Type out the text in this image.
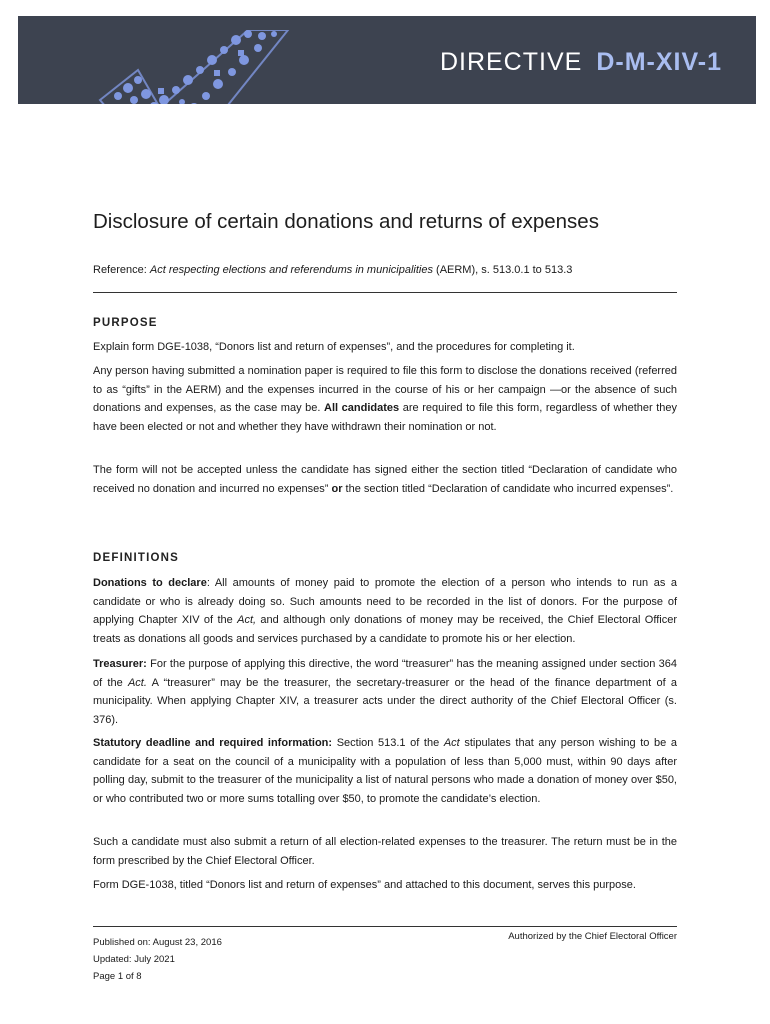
DIRECTIVE D-M-XIV-1
Disclosure of certain donations and returns of expenses
Reference: Act respecting elections and referendums in municipalities (AERM), s. 513.0.1 to 513.3
PURPOSE

Explain form DGE-1038, “Donors list and return of expenses”, and the procedures for completing it.

Any person having submitted a nomination paper is required to file this form to disclose the donations received (referred to as “gifts” in the AERM) and the expenses incurred in the course of his or her campaign —or the absence of such donations and expenses, as the case may be. All candidates are required to file this form, regardless of whether they have been elected or not and whether they have withdrawn their nomination or not.

The form will not be accepted unless the candidate has signed either the section titled “Declaration of candidate who received no donation and incurred no expenses” or the section titled “Declaration of candidate who incurred expenses”.

DEFINITIONS

Donations to declare: All amounts of money paid to promote the election of a person who intends to run as a candidate or who is already doing so. Such amounts need to be recorded in the list of donors. For the purpose of applying Chapter XIV of the Act, and although only donations of money may be received, the Chief Electoral Officer treats as donations all goods and services purchased by a candidate to promote his or her election.

Treasurer: For the purpose of applying this directive, the word “treasurer” has the meaning assigned under section 364 of the Act. A “treasurer” may be the treasurer, the secretary-treasurer or the head of the finance department of a municipality. When applying Chapter XIV, a treasurer acts under the direct authority of the Chief Electoral Officer (s. 376).

Statutory deadline and required information: Section 513.1 of the Act stipulates that any person wishing to be a candidate for a seat on the council of a municipality with a population of less than 5,000 must, within 90 days after polling day, submit to the treasurer of the municipality a list of natural persons who made a donation of money over $50, or who contributed two or more sums totalling over $50, to promote the candidate’s election.

Such a candidate must also submit a return of all election-related expenses to the treasurer. The return must be in the form prescribed by the Chief Electoral Officer.

Form DGE-1038, titled “Donors list and return of expenses” and attached to this document, serves this purpose.

Published on: August 23, 2016
Updated: July 2021
Page 1 of 8
Authorized by the Chief Electoral Officer
